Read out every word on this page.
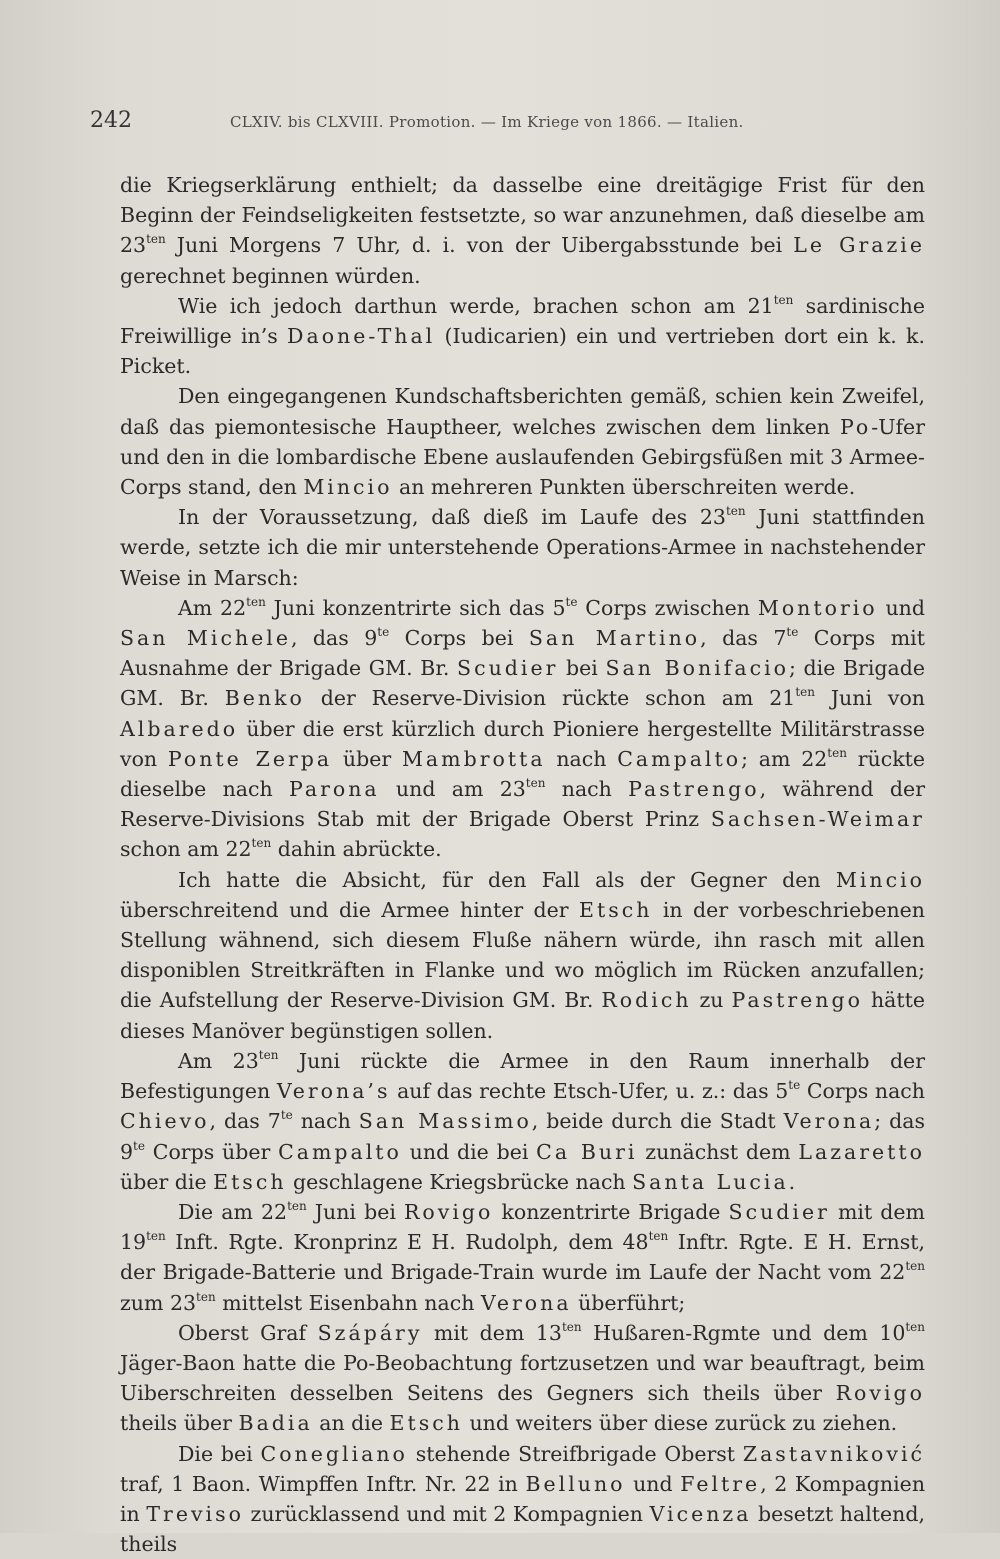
242	CLXIV. bis CLXVIII. Promotion. — Im Kriege von 1866. — Italien.

die Kriegserklärung enthielt; da dasselbe eine dreitägige Frist für den Beginn der Feindseligkeiten festsetzte, so war anzunehmen, daß dieselbe am $23^{ten}$ Juni Morgens 7 Uhr, d. i. von der Uibergabsstunde bei Le Grazie gerechnet beginnen würden.

Wie ich jedoch darthun werde, brachen schon am $21^{ten}$ sardinische Freiwillige in’s Daone-Thal (Iudicarien) ein und vertrieben dort ein k. k. Picket.

Den eingegangenen Kundschaftsberichten gemäß, schien kein Zweifel, daß das piemontesische Hauptheer, welches zwischen dem linken Po-Ufer und den in die lombardische Ebene auslaufenden Gebirgsfüßen mit 3 Armee-Corps stand, den Mincio an mehreren Punkten überschreiten werde.

In der Voraussetzung, daß dieß im Laufe des $23^{ten}$ Juni stattfinden werde, setzte ich die mir unterstehende Operations-Armee in nachstehender Weise in Marsch:

Am $22^{ten}$ Juni konzentrirte sich das $5^{te}$ Corps zwischen Montorio und San Michele, das $9^{te}$ Corps bei San Martino, das $7^{te}$ Corps mit Ausnahme der Brigade GM. Br. Scudier bei San Bonifacio; die Brigade GM. Br. Benko der Reserve-Division rückte schon am $21^{ten}$ Juni von Albaredo über die erst kürzlich durch Pioniere hergestellte Militärstrasse von Ponte Zerpa über Mambrotta nach Campalto; am $22^{ten}$ rückte dieselbe nach Parona und am $23^{ten}$ nach Pastrengo, während der Reserve-Divisions Stab mit der Brigade Oberst Prinz Sachsen-Weimar schon am $22^{ten}$ dahin abrückte.

Ich hatte die Absicht, für den Fall als der Gegner den Mincio überschreitend und die Armee hinter der Etsch in der vorbeschriebenen Stellung wähnend, sich diesem Fluße nähern würde, ihn rasch mit allen disponiblen Streitkräften in Flanke und wo möglich im Rücken anzufallen; die Aufstellung der Reserve-Division GM. Br. Rodich zu Pastrengo hätte dieses Manöver begünstigen sollen.

Am $23^{ten}$ Juni rückte die Armee in den Raum innerhalb der Befestigungen Verona’s auf das rechte Etsch-Ufer, u. z.: das $5^{te}$ Corps nach Chievo, das $7^{te}$ nach San Massimo, beide durch die Stadt Verona; das $9^{te}$ Corps über Campalto und die bei Ca Buri zunächst dem Lazaretto über die Etsch geschlagene Kriegsbrücke nach Santa Lucia.

Die am $22^{ten}$ Juni bei Rovigo konzentrirte Brigade Scudier mit dem $19^{ten}$ Inft. Rgte. Kronprinz E H. Rudolph, dem $48^{ten}$ Inftr. Rgte. E H. Ernst, der Brigade-Batterie und Brigade-Train wurde im Laufe der Nacht vom $22^{ten}$ zum $23^{ten}$ mittelst Eisenbahn nach Verona überführt;

Oberst Graf Szápáry mit dem $13^{ten}$ Hußaren-Rgmte und dem $10^{ten}$ Jäger-Baon hatte die Po-Beobachtung fortzusetzen und war beauftragt, beim Uiberschreiten desselben Seitens des Gegners sich theils über Rovigo theils über Badia an die Etsch und weiters über diese zurück zu ziehen.

Die bei Conegliano stehende Streifbrigade Oberst Zastavniković traf, 1 Baon. Wimpffen Inftr. Nr. 22 in Belluno und Feltre, 2 Kompagnien in Treviso zurücklassend und mit 2 Kompagnien Vicenza besetzt haltend, theils
